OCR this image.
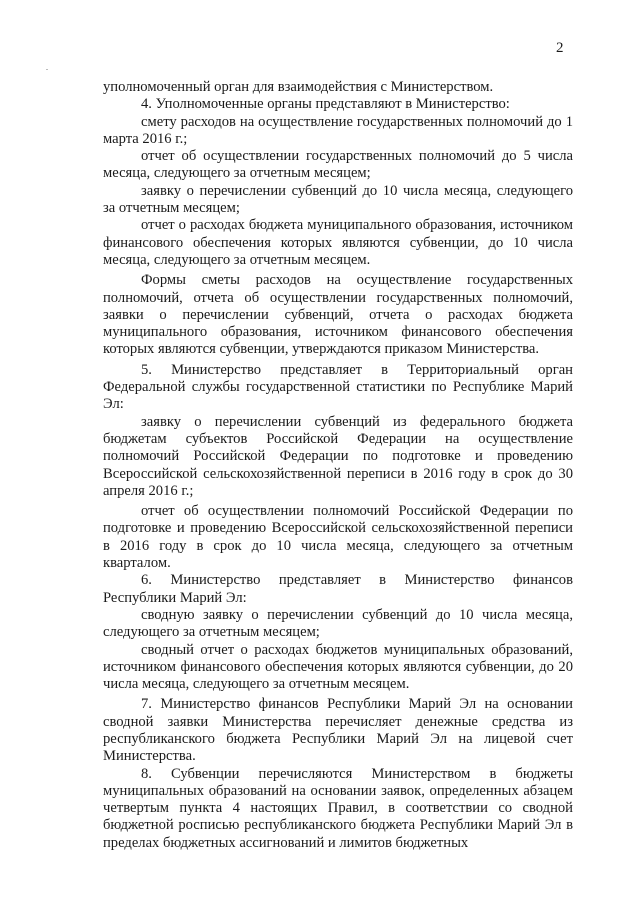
2

уполномоченный орган для взаимодействия с Министерством.

4. Уполномоченные органы представляют в Министерство:

смету расходов на осуществление государственных полномочий до 1 марта 2016 г.;

отчет об осуществлении государственных полномочий до 5 числа месяца, следующего за отчетным месяцем;

заявку о перечислении субвенций до 10 числа месяца, следующего за отчетным месяцем;

отчет о расходах бюджета муниципального образования, источником финансового обеспечения которых являются субвенции, до 10 числа месяца, следующего за отчетным месяцем.

Формы сметы расходов на осуществление государственных полномочий, отчета об осуществлении государственных полномочий, заявки о перечислении субвенций, отчета о расходах бюджета муниципального образования, источником финансового обеспечения которых являются субвенции, утверждаются приказом Министерства.

5. Министерство представляет в Территориальный орган Федеральной службы государственной статистики по Республике Марий Эл:

заявку о перечислении субвенций из федерального бюджета бюджетам субъектов Российской Федерации на осуществление полномочий Российской Федерации по подготовке и проведению Всероссийской сельскохозяйственной переписи в 2016 году в срок до 30 апреля 2016 г.;

отчет об осуществлении полномочий Российской Федерации по подготовке и проведению Всероссийской сельскохозяйственной переписи в 2016 году в срок до 10 числа месяца, следующего за отчетным кварталом.

6. Министерство представляет в Министерство финансов Республики Марий Эл:

сводную заявку о перечислении субвенций до 10 числа месяца, следующего за отчетным месяцем;

сводный отчет о расходах бюджетов муниципальных образований, источником финансового обеспечения которых являются субвенции, до 20 числа месяца, следующего за отчетным месяцем.

7. Министерство финансов Республики Марий Эл на основании сводной заявки Министерства перечисляет денежные средства из республиканского бюджета Республики Марий Эл на лицевой счет Министерства.

8. Субвенции перечисляются Министерством в бюджеты муниципальных образований на основании заявок, определенных абзацем четвертым пункта 4 настоящих Правил, в соответствии со сводной бюджетной росписью республиканского бюджета Республики Марий Эл в пределах бюджетных ассигнований и лимитов бюджетных
